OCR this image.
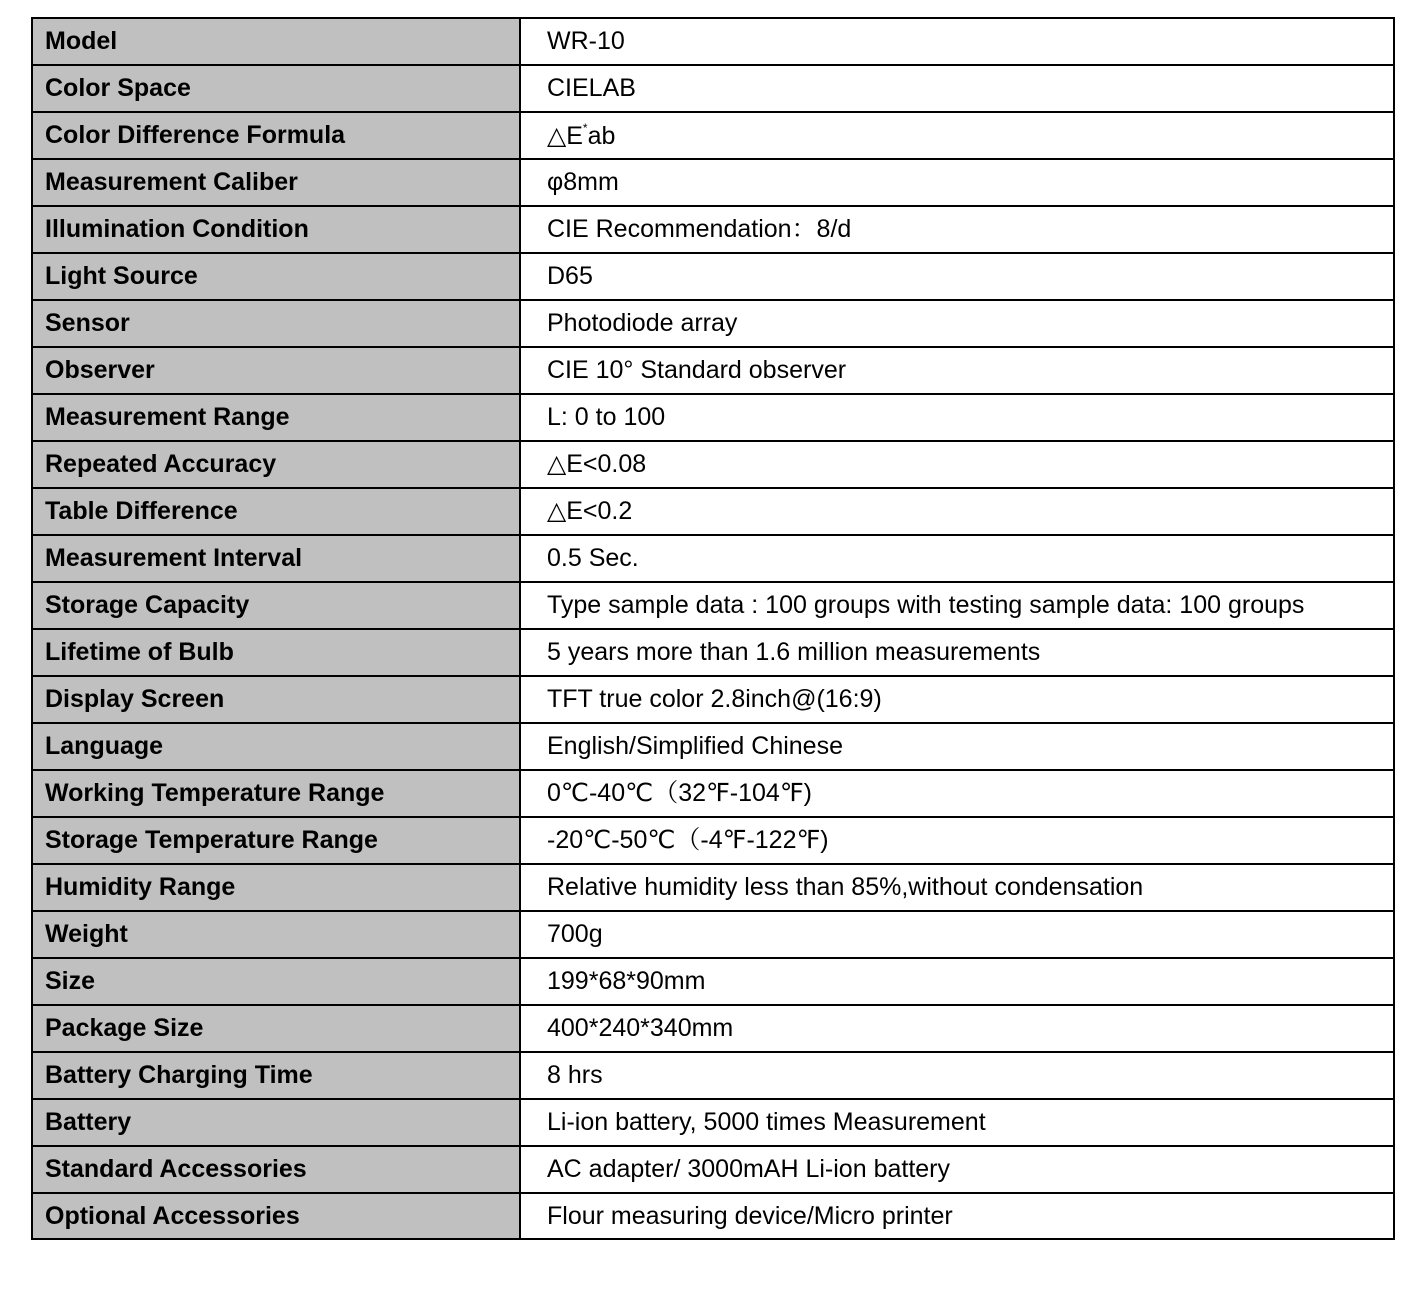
Model	WR-10
Color Space	CIELAB
Color Difference Formula	△E*ab
Measurement Caliber	φ8mm
Illumination Condition	CIE Recommendation：8/d
Light Source	D65
Sensor	Photodiode array
Observer	CIE 10° Standard observer
Measurement Range	L: 0 to 100
Repeated Accuracy	△E<0.08
Table Difference	△E<0.2
Measurement Interval	0.5 Sec.
Storage Capacity	Type sample data : 100 groups with testing sample data: 100 groups
Lifetime of Bulb	5 years more than 1.6 million measurements
Display Screen	TFT true color 2.8inch@(16:9)
Language	English/Simplified Chinese
Working Temperature Range	0℃-40℃（32℉-104℉)
Storage Temperature Range	-20℃-50℃（-4℉-122℉)
Humidity Range	Relative humidity less than 85%,without condensation
Weight	700g
Size	199*68*90mm
Package Size	400*240*340mm
Battery Charging Time	8 hrs
Battery	Li-ion battery, 5000 times Measurement
Standard Accessories	AC adapter/ 3000mAH Li-ion battery
Optional Accessories	Flour measuring device/Micro printer
